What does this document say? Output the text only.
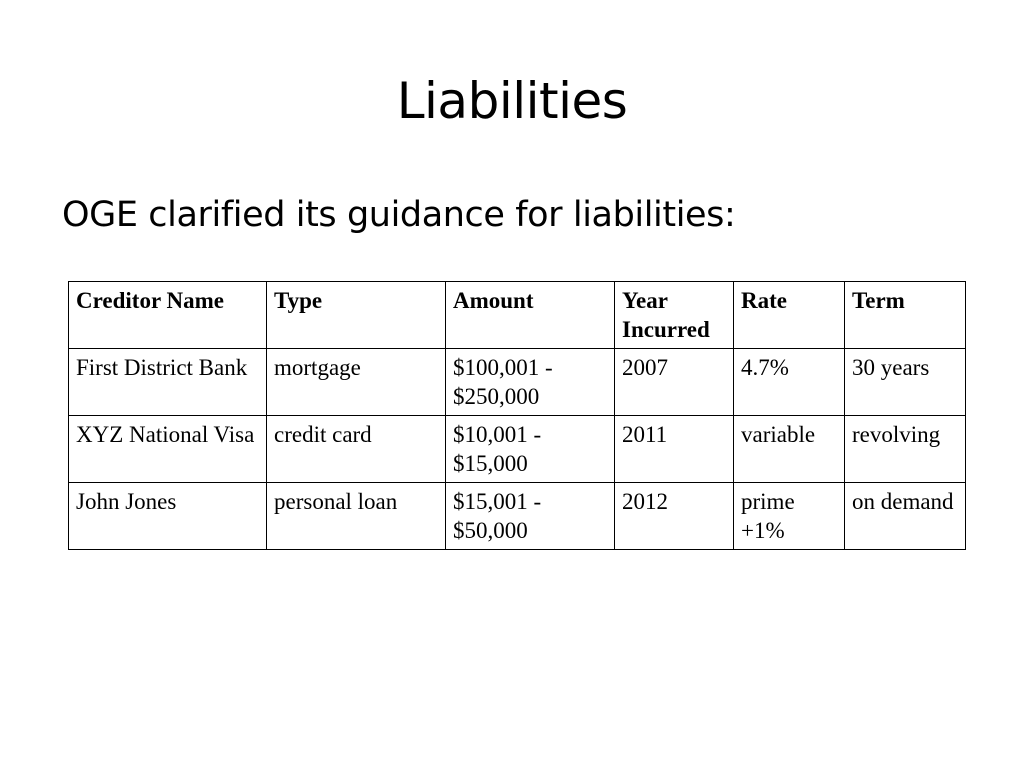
Liabilities

OGE clarified its guidance for liabilities:

Creditor Name	Type	Amount	Year Incurred	Rate	Term
First District Bank	mortgage	$100,001 - $250,000	2007	4.7%	30 years
XYZ National Visa	credit card	$10,001 - $15,000	2011	variable	revolving
John Jones	personal loan	$15,001 - $50,000	2012	prime +1%	on demand
